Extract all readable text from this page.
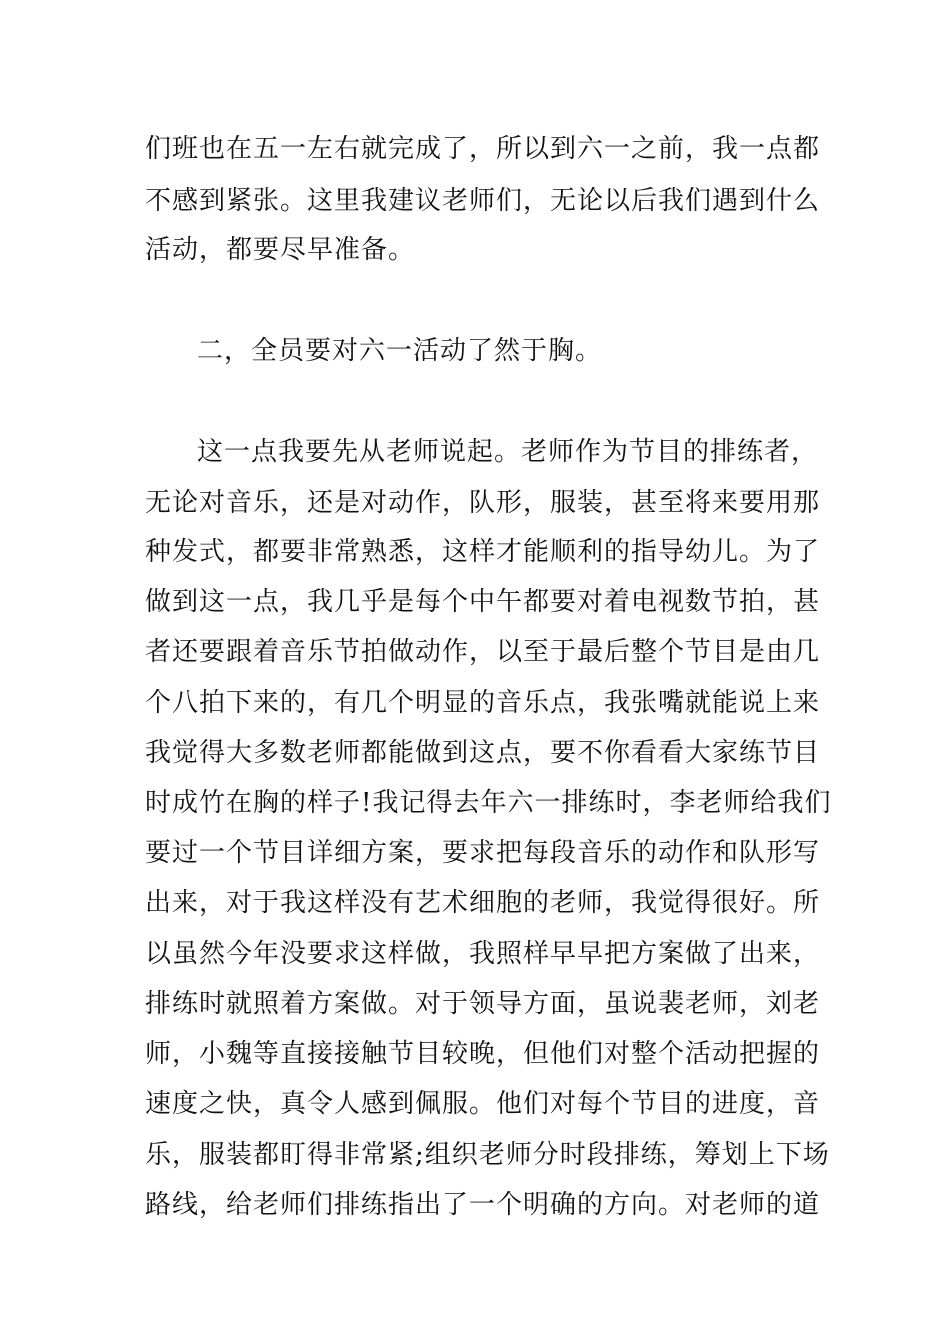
们班也在五一左右就完成了，所以到六一之前，我一点都
不感到紧张。这里我建议老师们，无论以后我们遇到什么
活动，都要尽早准备。
二，全员要对六一活动了然于胸。
这一点我要先从老师说起。老师作为节目的排练者，
无论对音乐，还是对动作，队形，服装，甚至将来要用那
种发式，都要非常熟悉，这样才能顺利的指导幼儿。为了
做到这一点，我几乎是每个中午都要对着电视数节拍，甚
者还要跟着音乐节拍做动作，以至于最后整个节目是由几
个八拍下来的，有几个明显的音乐点，我张嘴就能说上来
我觉得大多数老师都能做到这点，要不你看看大家练节目
时成竹在胸的样子!我记得去年六一排练时，李老师给我们
要过一个节目详细方案，要求把每段音乐的动作和队形写
出来，对于我这样没有艺术细胞的老师，我觉得很好。所
以虽然今年没要求这样做，我照样早早把方案做了出来，
排练时就照着方案做。对于领导方面，虽说裴老师，刘老
师，小魏等直接接触节目较晚，但他们对整个活动把握的
速度之快，真令人感到佩服。他们对每个节目的进度，音
乐，服装都盯得非常紧;组织老师分时段排练，筹划上下场
路线，给老师们排练指出了一个明确的方向。对老师的道
